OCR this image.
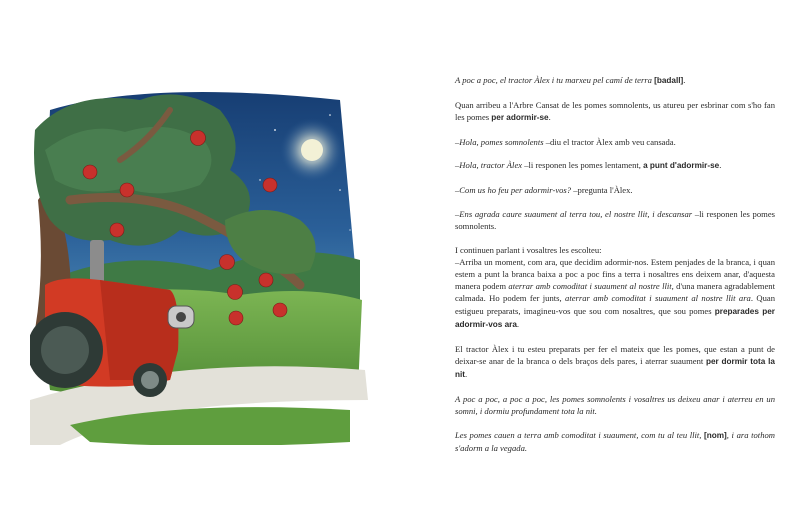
A poc a poc, el tractor Àlex i tu marxeu pel camí de terra [badall].

Quan arribeu a l'Arbre Cansat de les pomes somnolents, us atureu per esbrinar com s'ho fan les pomes per adormir-se.

–Hola, pomes somnolents –diu el tractor Àlex amb veu cansada.

–Hola, tractor Àlex –li responen les pomes lentament, a punt d'adormir-se.

–Com us ho feu per adormir-vos? –pregunta l'Àlex.

–Ens agrada caure suaument al terra tou, el nostre llit, i descansar –li responen les pomes somnolents.

I continuen parlant i vosaltres les escolteu:

–Arriba un moment, com ara, que decidim adormir-nos. Estem penjades de la branca, i quan estem a punt la branca baixa a poc a poc fins a terra i nosaltres ens deixem anar, d'aquesta manera podem aterrar amb comoditat i suaument al nostre llit, d'una manera agradablement calmada. Ho podem fer junts, aterrar amb comoditat i suaument al nostre llit ara. Quan estigueu preparats, imagineu-vos que sou com nosaltres, que sou pomes preparades per adormir-vos ara.

El tractor Àlex i tu esteu preparats per fer el mateix que les pomes, que estan a punt de deixar-se anar de la branca o dels braços dels pares, i aterrar suaument per dormir tota la nit.

A poc a poc, a poc a poc, les pomes somnolents i vosaltres us deixeu anar i aterreu en un somni, i dormiu profundament tota la nit.

Les pomes cauen a terra amb comoditat i suaument, com tu al teu llit, [nom], i ara tothom s'adorm a la vegada.
